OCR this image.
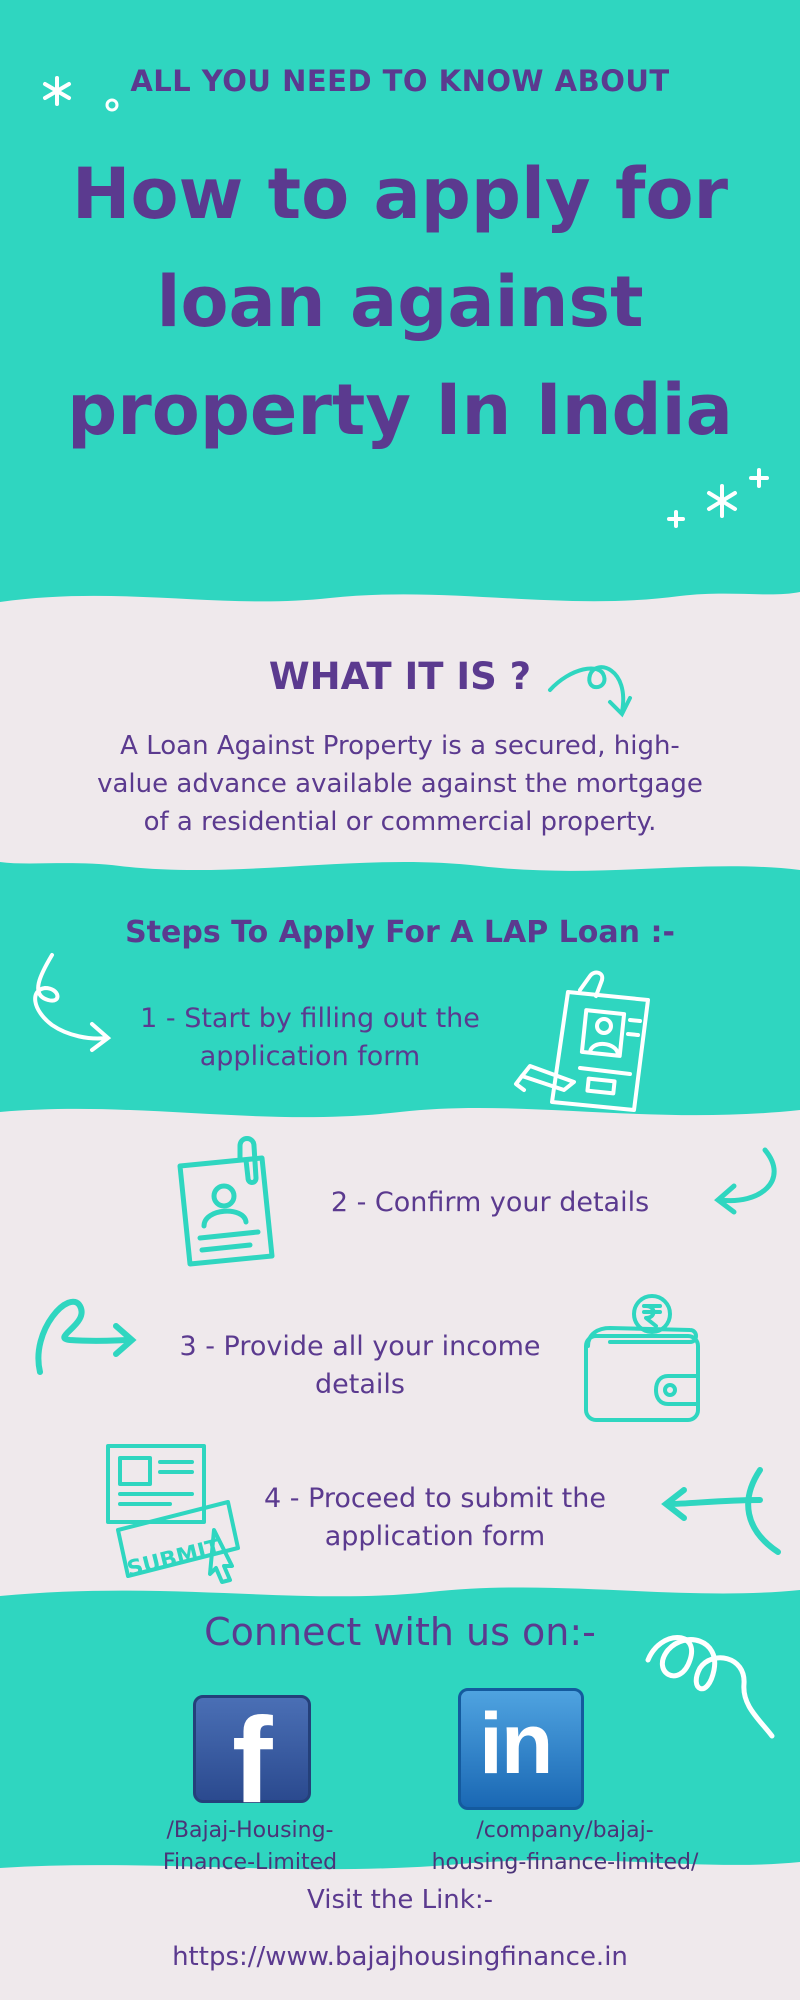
SUBMIT
ALL YOU NEED TO KNOW ABOUT
How to apply for
loan against
property In India
WHAT IT IS ?
A Loan Against Property is a secured, high-
value advance available against the mortgage
of a residential or commercial property.
Steps To Apply For A LAP Loan :-
1 - Start by filling out the
application form
2 - Confirm your details
3 - Provide all your income
details
4 - Proceed to submit the
application form
Connect with us on:-
f in
/Bajaj-Housing-
Finance-Limited
/company/bajaj-
housing-finance-limited/
Visit the Link:-
https://www.bajajhousingfinance.in
